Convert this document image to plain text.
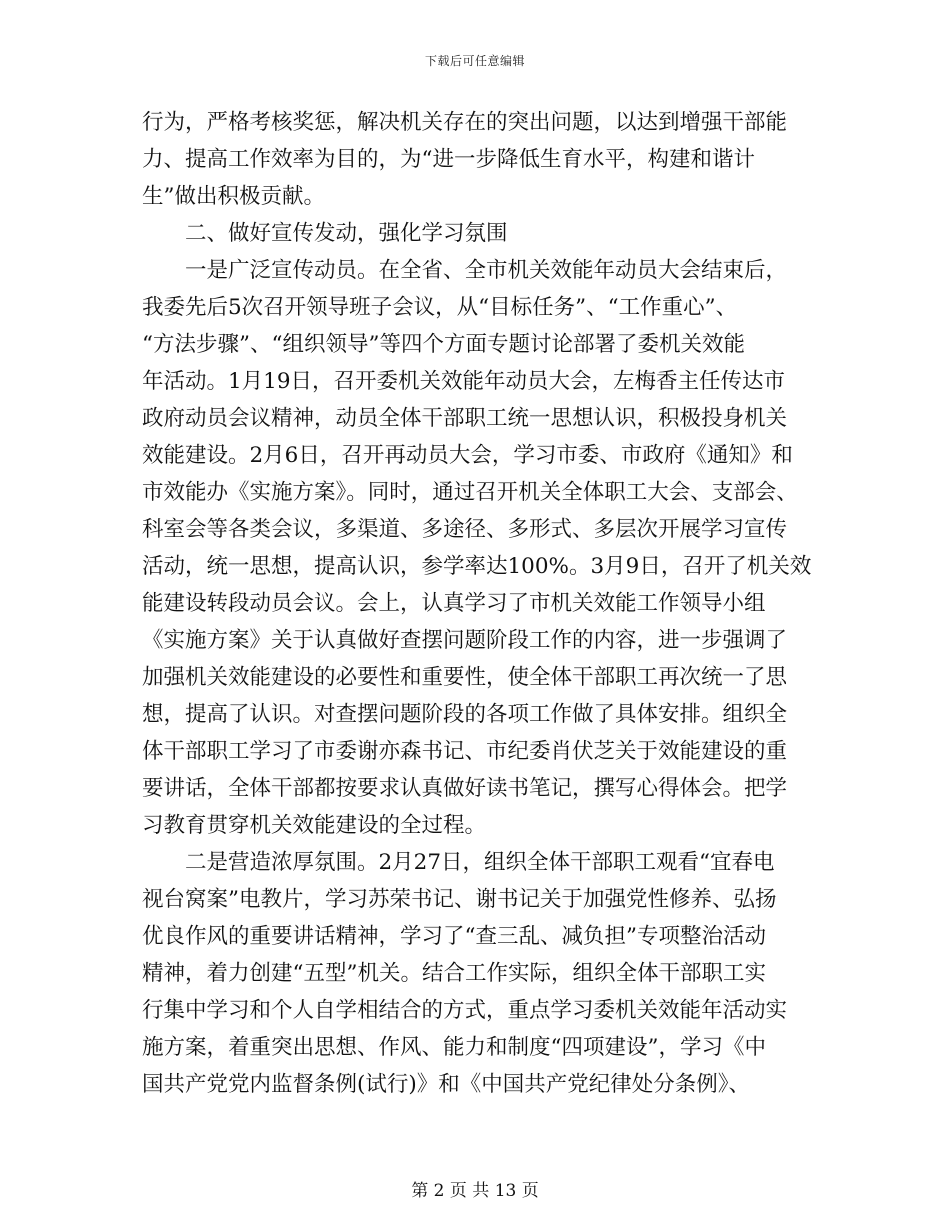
下载后可任意编辑
行为，严格考核奖惩，解决机关存在的突出问题，以达到增强干部能
力、提高工作效率为目的，为“进一步降低生育水平，构建和谐计
生”做出积极贡献。
　　二、做好宣传发动，强化学习氛围
　　一是广泛宣传动员。在全省、全市机关效能年动员大会结束后，
我委先后5次召开领导班子会议，从“目标任务”、“工作重心”、
“方法步骤”、“组织领导”等四个方面专题讨论部署了委机关效能
年活动。1月19日，召开委机关效能年动员大会，左梅香主任传达市
政府动员会议精神，动员全体干部职工统一思想认识，积极投身机关
效能建设。2月6日，召开再动员大会，学习市委、市政府《通知》和
市效能办《实施方案》。同时，通过召开机关全体职工大会、支部会、
科室会等各类会议，多渠道、多途径、多形式、多层次开展学习宣传
活动，统一思想，提高认识，参学率达100%。3月9日，召开了机关效
能建设转段动员会议。会上，认真学习了市机关效能工作领导小组
《实施方案》关于认真做好查摆问题阶段工作的内容，进一步强调了
加强机关效能建设的必要性和重要性，使全体干部职工再次统一了思
想，提高了认识。对查摆问题阶段的各项工作做了具体安排。组织全
体干部职工学习了市委谢亦森书记、市纪委肖伏芝关于效能建设的重
要讲话，全体干部都按要求认真做好读书笔记，撰写心得体会。把学
习教育贯穿机关效能建设的全过程。
　　二是营造浓厚氛围。2月27日，组织全体干部职工观看“宜春电
视台窝案”电教片，学习苏荣书记、谢书记关于加强党性修养、弘扬
优良作风的重要讲话精神，学习了“查三乱、减负担”专项整治活动
精神，着力创建“五型”机关。结合工作实际，组织全体干部职工实
行集中学习和个人自学相结合的方式，重点学习委机关效能年活动实
施方案，着重突出思想、作风、能力和制度“四项建设”，学习《中
国共产党党内监督条例(试行)》和《中国共产党纪律处分条例》、
第 2 页 共 13 页
